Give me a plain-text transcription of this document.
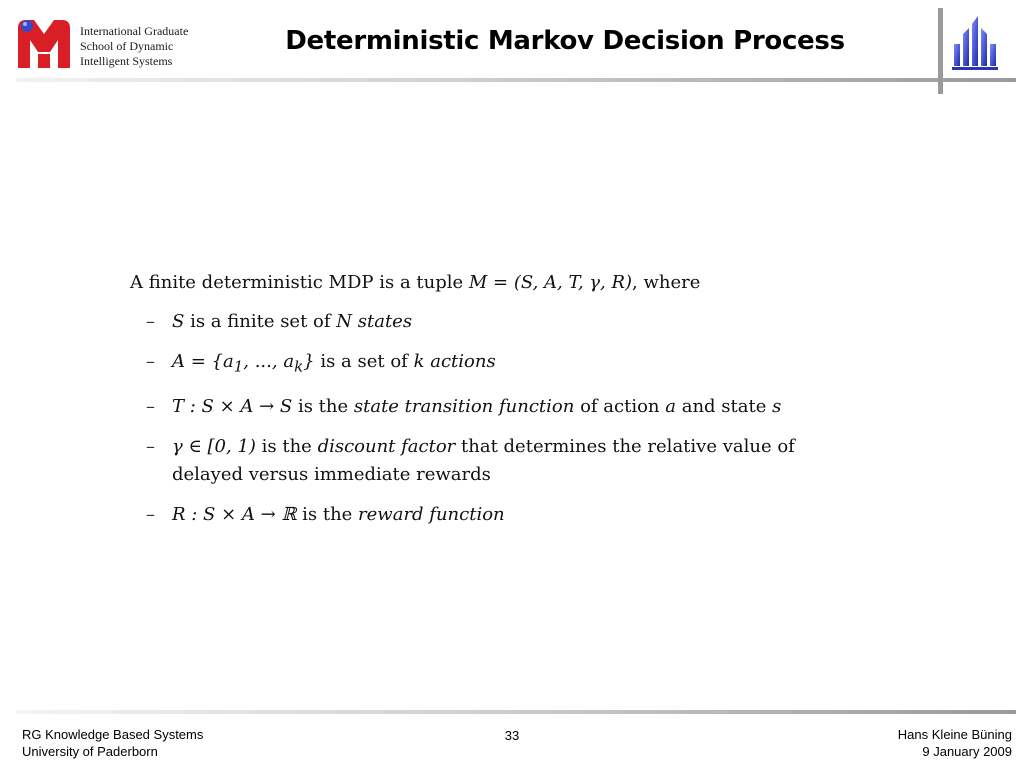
International Graduate
School of Dynamic
Intelligent Systems
Deterministic Markov Decision Process

A finite deterministic MDP is a tuple M = (S, A, T, γ, R), where

– S is a finite set of N states
– $A = \{a_1$, ..., $a_k$} is a set of k actions
– T : S × A → S is the state transition function of action a and state s
– γ ∈ [0, 1) is the discount factor that determines the relative value of delayed versus immediate rewards
– R : S × A → ℝ is the reward function
RG Knowledge Based Systems
University of Paderborn
33	Hans Kleine Büning
9 January 2009
